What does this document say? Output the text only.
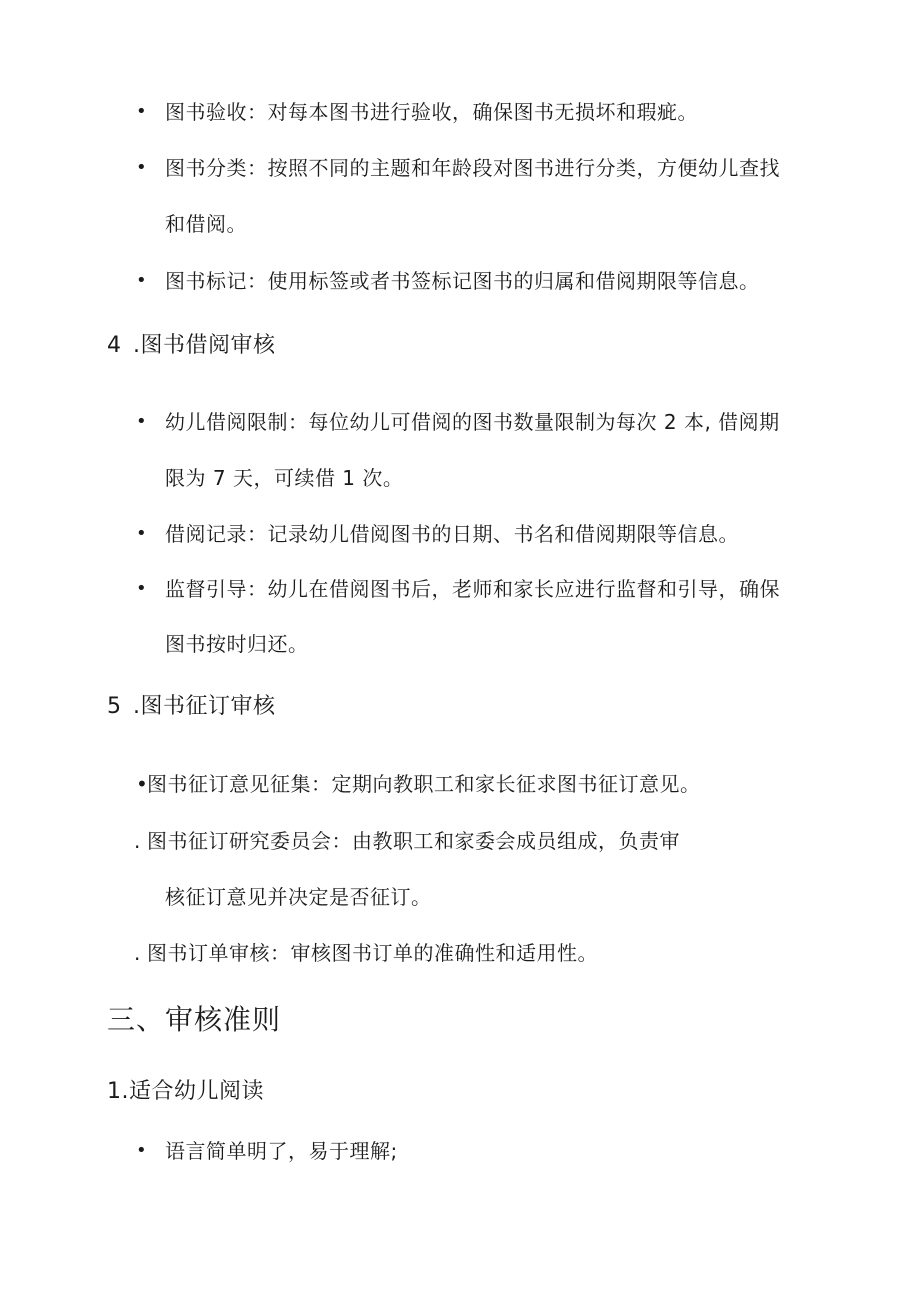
• 图书验收：对每本图书进行验收，确保图书无损坏和瑕疵。
• 图书分类：按照不同的主题和年龄段对图书进行分类，方便幼儿查找
和借阅。
• 图书标记：使用标签或者书签标记图书的归属和借阅期限等信息。
4 .图书借阅审核
• 幼儿借阅限制：每位幼儿可借阅的图书数量限制为每次 2 本, 借阅期
限为 7 天，可续借 1 次。
• 借阅记录：记录幼儿借阅图书的日期、书名和借阅期限等信息。
• 监督引导：幼儿在借阅图书后，老师和家长应进行监督和引导，确保
图书按时归还。
5 .图书征订审核
•
图书征订意见征集：定期向教职工和家长征求图书征订意见。
. 图书征订研究委员会：由教职工和家委会成员组成，负责审
核征订意见并决定是否征订。
. 图书订单审核：审核图书订单的准确性和适用性。
三、审核准则
1.适合幼儿阅读
• 语言简单明了，易于理解;
